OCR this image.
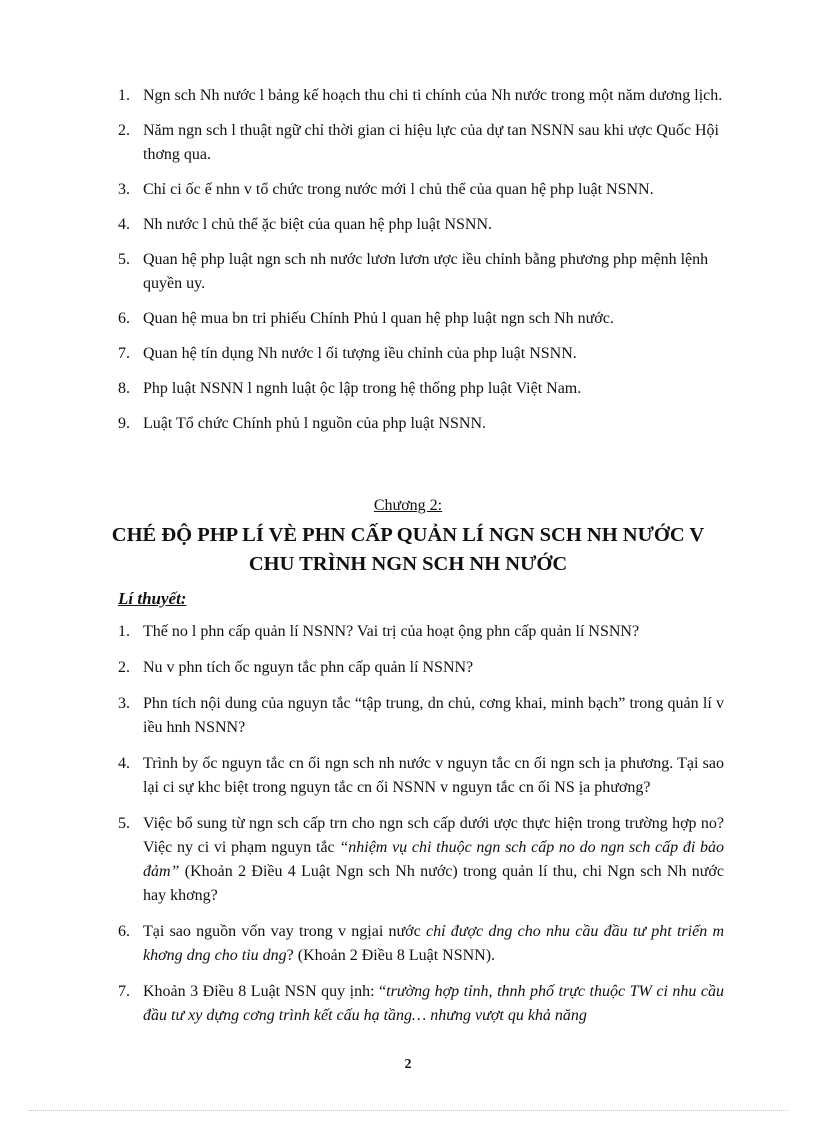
1. Ngn sch Nh nước l bảng kế hoạch thu chi ti chính của Nh nước trong một năm dương lịch.
2. Năm ngn sch l thuật ngữ chỉ thời gian ci hiệu lực của dự tan NSNN sau khi ược Quốc Hội thơng qua.
3. Chỉ ci ốc ế nhn v tổ chức trong nước mới l chủ thể của quan hệ php luật NSNN.
4. Nh nước l chủ thể ặc biệt của quan hệ php luật NSNN.
5. Quan hệ php luật ngn sch nh nước lươn lươn ược iều chỉnh bằng phương php mệnh lệnh quyền uy.
6. Quan hệ mua bn tri phiếu Chính Phủ l quan hệ php luật ngn sch Nh nước.
7. Quan hệ tín dụng Nh nước l ối tượng iều chỉnh của php luật NSNN.
8. Php luật NSNN l ngnh luật ộc lập trong hệ thống php luật Việt Nam.
9. Luật Tổ chức Chính phủ l nguồn của php luật NSNN.
Chương 2:
CHÉ ĐỘ PHP LÍ VÈ PHN CẤP QUẢN LÍ NGN SCH NH NƯỚC V
CHU TRÌNH NGN SCH NH NƯỚC
Lí thuyết:
1. Thế no l phn cấp quản lí NSNN? Vai trị của hoạt ộng phn cấp quản lí NSNN?
2. Nu v phn tích ốc nguyn tắc phn cấp quản lí NSNN?
3. Phn tích nội dung của nguyn tắc “tập trung, dn chủ, cơng khai, minh bạch” trong quản lí v iều hnh NSNN?
4. Trình by ốc nguyn tắc cn ối ngn sch nh nước v nguyn tắc cn ối ngn sch ịa phương. Tại sao lại ci sự khc biệt trong nguyn tắc cn ối NSNN v nguyn tắc cn ối NS ịa phương?
5. Việc bổ sung từ ngn sch cấp trn cho ngn sch cấp dưới ược thực hiện trong trường hợp no? Việc ny ci vi phạm nguyn tắc “nhiệm vụ chi thuộc ngn sch cấp no do ngn sch cấp đi bảo đảm” (Khoản 2 Điều 4 Luật Ngn sch Nh nước) trong quản lí thu, chi Ngn sch Nh nước hay khơng?
6. Tại sao nguồn vốn vay trong v ngịai nước chỉ được dng cho nhu cầu đầu tư pht triển m khơng dng cho tiu dng? (Khoản 2 Điều 8 Luật NSNN).
7. Khoản 3 Điều 8 Luật NSN quy ịnh: “trường hợp tỉnh, thnh phố trực thuộc TW ci nhu cầu đầu tư xy dựng cơng trình kết cấu hạ tầng… nhưng vượt qu khả năng
2
